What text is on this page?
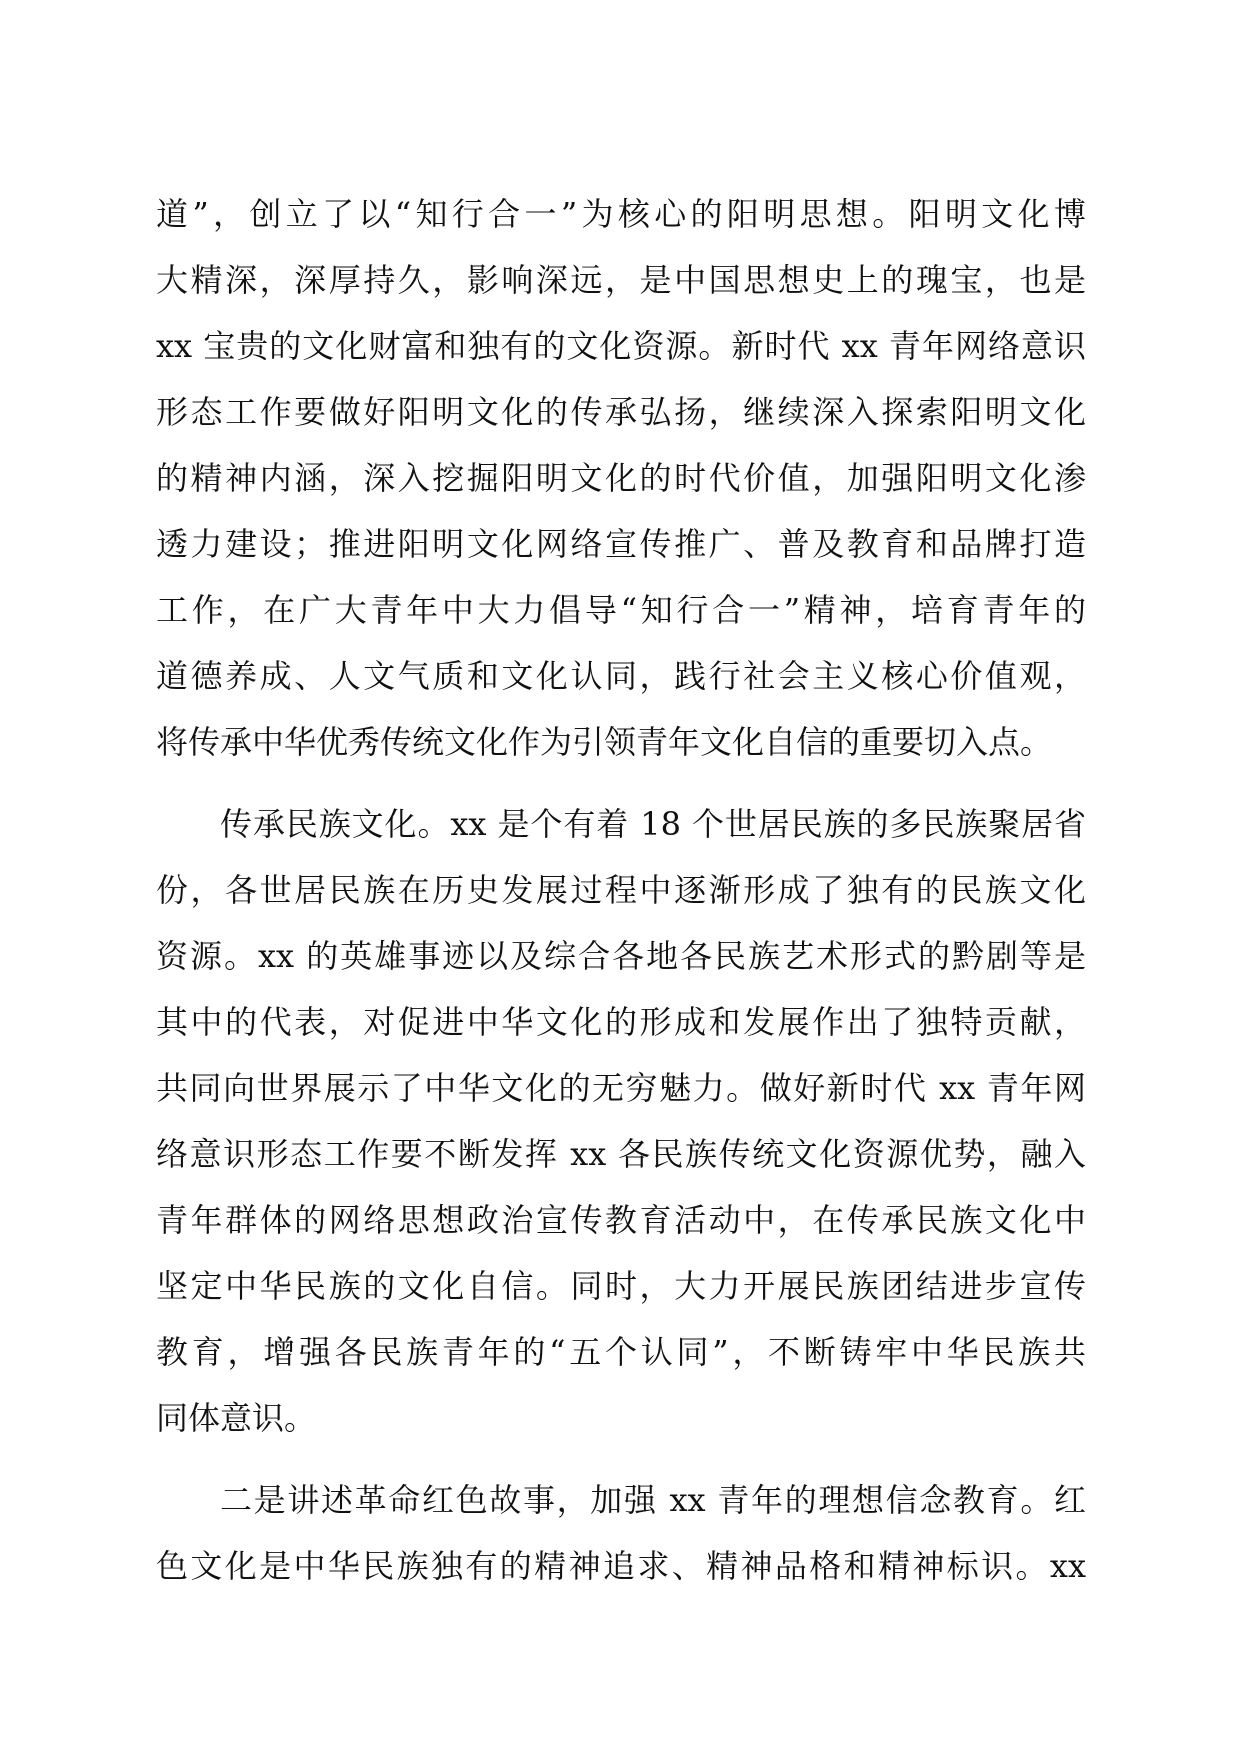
道”，创立了以“知行合一”为核心的阳明思想。阳明文化博
大精深，深厚持久，影响深远，是中国思想史上的瑰宝，也是
xx 宝贵的文化财富和独有的文化资源。新时代 xx 青年网络意识
形态工作要做好阳明文化的传承弘扬，继续深入探索阳明文化
的精神内涵，深入挖掘阳明文化的时代价值，加强阳明文化渗
透力建设；推进阳明文化网络宣传推广、普及教育和品牌打造
工作，在广大青年中大力倡导“知行合一”精神，培育青年的
道德养成、人文气质和文化认同，践行社会主义核心价值观，
将传承中华优秀传统文化作为引领青年文化自信的重要切入点。
传承民族文化。xx 是个有着 18 个世居民族的多民族聚居省
份，各世居民族在历史发展过程中逐渐形成了独有的民族文化
资源。xx 的英雄事迹以及综合各地各民族艺术形式的黔剧等是
其中的代表，对促进中华文化的形成和发展作出了独特贡献，
共同向世界展示了中华文化的无穷魅力。做好新时代 xx 青年网
络意识形态工作要不断发挥 xx 各民族传统文化资源优势，融入
青年群体的网络思想政治宣传教育活动中，在传承民族文化中
坚定中华民族的文化自信。同时，大力开展民族团结进步宣传
教育，增强各民族青年的“五个认同”，不断铸牢中华民族共
同体意识。
二是讲述革命红色故事，加强 xx 青年的理想信念教育。红
色文化是中华民族独有的精神追求、精神品格和精神标识。xx
